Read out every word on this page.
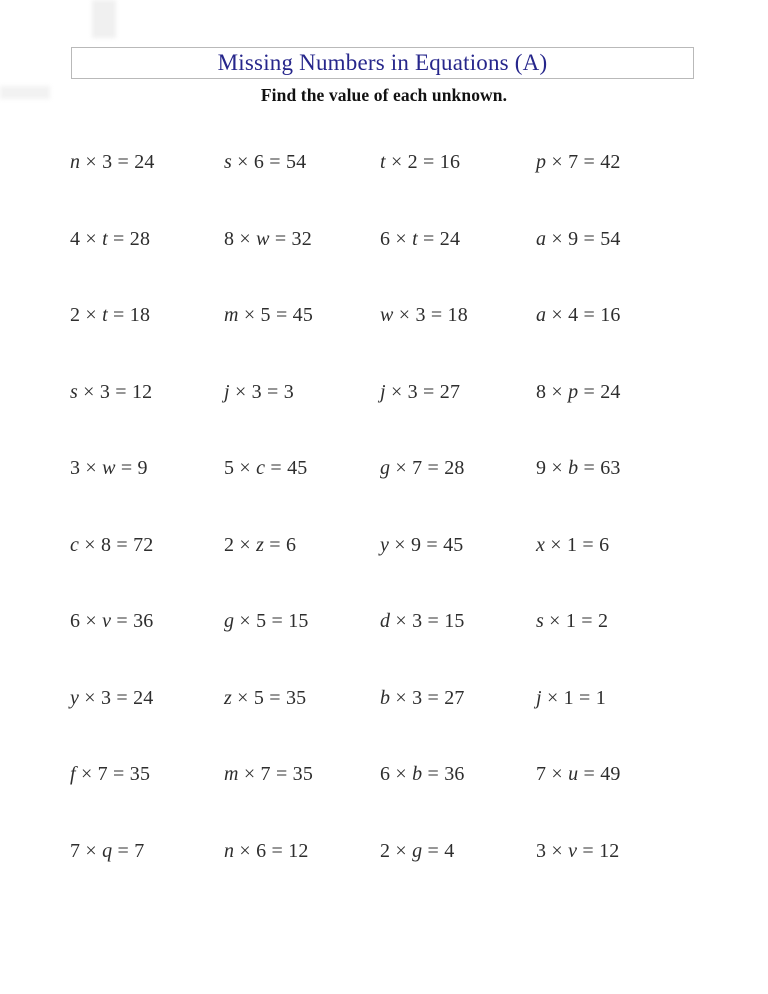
Missing Numbers in Equations (A)

Find the value of each unknown.

n × 3 = 24	s × 6 = 54	t × 2 = 16	p × 7 = 42
4 × t = 28	8 × w = 32	6 × t = 24	a × 9 = 54
2 × t = 18	m × 5 = 45	w × 3 = 18	a × 4 = 16
s × 3 = 12	j × 3 = 3	j × 3 = 27	8 × p = 24
3 × w = 9	5 × c = 45	g × 7 = 28	9 × b = 63
c × 8 = 72	2 × z = 6	y × 9 = 45	x × 1 = 6
6 × v = 36	g × 5 = 15	d × 3 = 15	s × 1 = 2
y × 3 = 24	z × 5 = 35	b × 3 = 27	j × 1 = 1
f × 7 = 35	m × 7 = 35	6 × b = 36	7 × u = 49
7 × q = 7	n × 6 = 12	2 × g = 4	3 × v = 12
